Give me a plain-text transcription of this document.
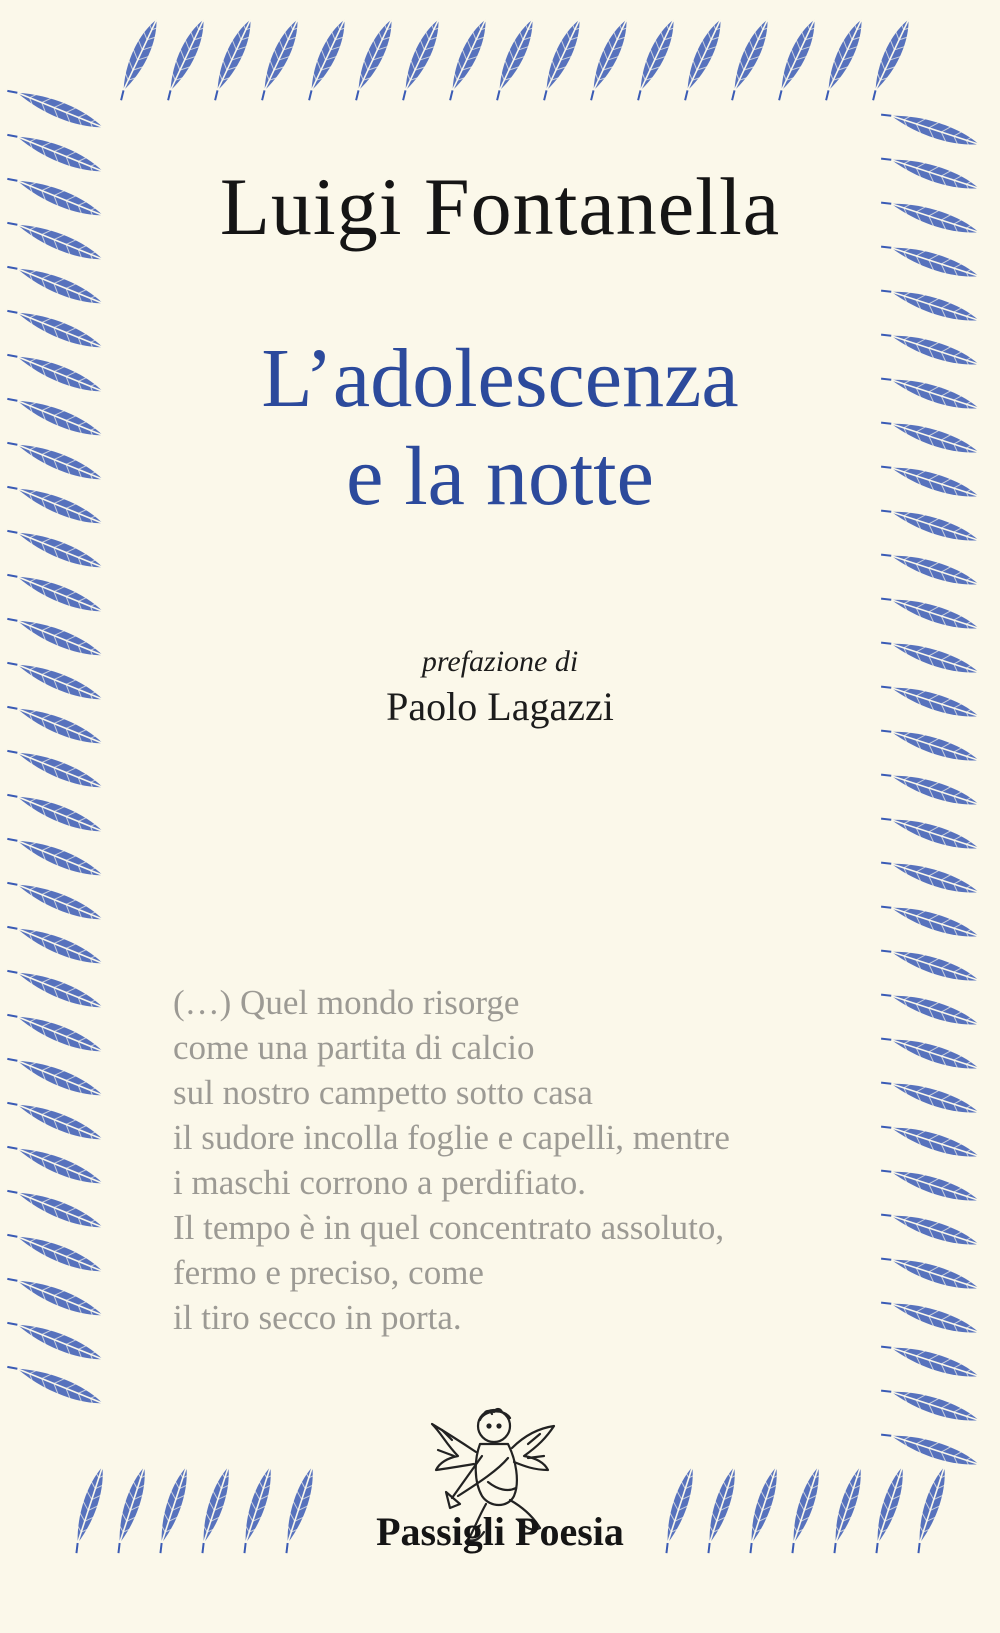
Luigi Fontanella
L’adolescenza
e la notte
prefazione di
Paolo Lagazzi
(…) Quel mondo risorge
come una partita di calcio
sul nostro campetto sotto casa
il sudore incolla foglie e capelli, mentre
i maschi corrono a perdifiato.
Il tempo è in quel concentrato assoluto,
fermo e preciso, come
il tiro secco in porta.
Passigli Poesia
